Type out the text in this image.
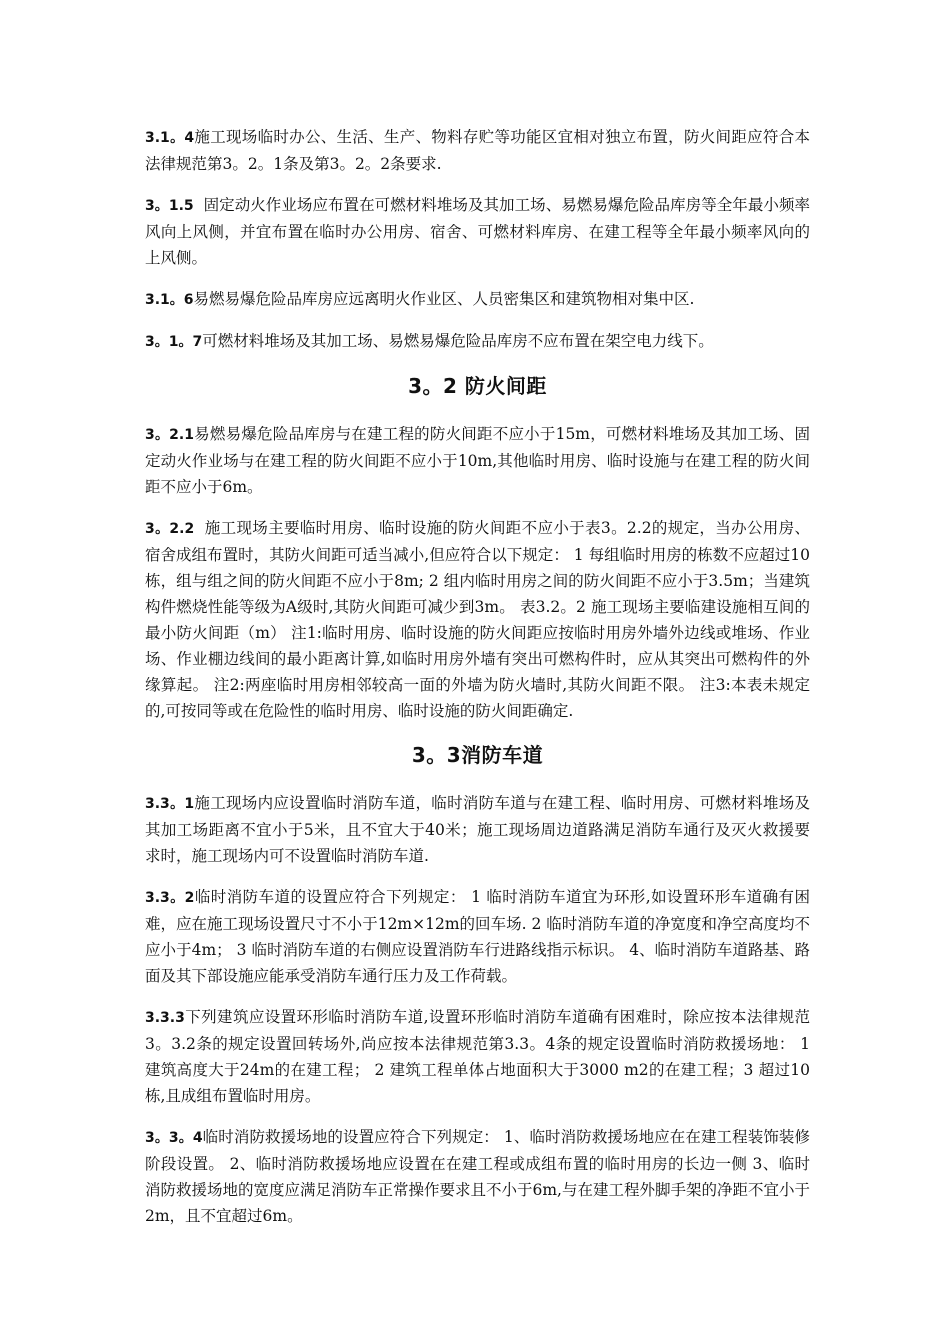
3.1。4施工现场临时办公、生活、生产、物料存贮等功能区宜相对独立布置，防火间距应符合本法律规范第3。2。1条及第3。2。2条要求.

3。1.5  固定动火作业场应布置在可燃材料堆场及其加工场、易燃易爆危险品库房等全年最小频率风向上风侧，并宜布置在临时办公用房、宿舍、可燃材料库房、在建工程等全年最小频率风向的上风侧。

3.1。6易燃易爆危险品库房应远离明火作业区、人员密集区和建筑物相对集中区.

3。1。7可燃材料堆场及其加工场、易燃易爆危险品库房不应布置在架空电力线下。

3。2 防火间距

3。2.1易燃易爆危险品库房与在建工程的防火间距不应小于15m，可燃材料堆场及其加工场、固定动火作业场与在建工程的防火间距不应小于10m,其他临时用房、临时设施与在建工程的防火间距不应小于6m。

3。2.2  施工现场主要临时用房、临时设施的防火间距不应小于表3。2.2的规定，当办公用房、宿舍成组布置时，其防火间距可适当减小,但应符合以下规定： 1 每组临时用房的栋数不应超过10栋，组与组之间的防火间距不应小于8m; 2 组内临时用房之间的防火间距不应小于3.5m；当建筑构件燃烧性能等级为A级时,其防火间距可减少到3m。 表3.2。2 施工现场主要临建设施相互间的最小防火间距（m） 注1:临时用房、临时设施的防火间距应按临时用房外墙外边线或堆场、作业场、作业棚边线间的最小距离计算,如临时用房外墙有突出可燃构件时，应从其突出可燃构件的外缘算起。 注2:两座临时用房相邻较高一面的外墙为防火墙时,其防火间距不限。 注3:本表未规定的,可按同等或在危险性的临时用房、临时设施的防火间距确定.

3。3消防车道

3.3。1施工现场内应设置临时消防车道，临时消防车道与在建工程、临时用房、可燃材料堆场及其加工场距离不宜小于5米，且不宜大于40米；施工现场周边道路满足消防车通行及灭火救援要求时，施工现场内可不设置临时消防车道.

3.3。2临时消防车道的设置应符合下列规定： 1 临时消防车道宜为环形,如设置环形车道确有困难，应在施工现场设置尺寸不小于12m×12m的回车场. 2 临时消防车道的净宽度和净空高度均不应小于4m； 3 临时消防车道的右侧应设置消防车行进路线指示标识。 4、临时消防车道路基、路面及其下部设施应能承受消防车通行压力及工作荷载。

3.3.3下列建筑应设置环形临时消防车道,设置环形临时消防车道确有困难时，除应按本法律规范3。3.2条的规定设置回转场外,尚应按本法律规范第3.3。4条的规定设置临时消防救援场地： 1 建筑高度大于24m的在建工程； 2 建筑工程单体占地面积大于3000 m2的在建工程；3 超过10栋,且成组布置临时用房。

3。3。4临时消防救援场地的设置应符合下列规定： 1、临时消防救援场地应在在建工程装饰装修阶段设置。 2、临时消防救援场地应设置在在建工程或成组布置的临时用房的长边一侧 3、临时消防救援场地的宽度应满足消防车正常操作要求且不小于6m,与在建工程外脚手架的净距不宜小于2m，且不宜超过6m。
